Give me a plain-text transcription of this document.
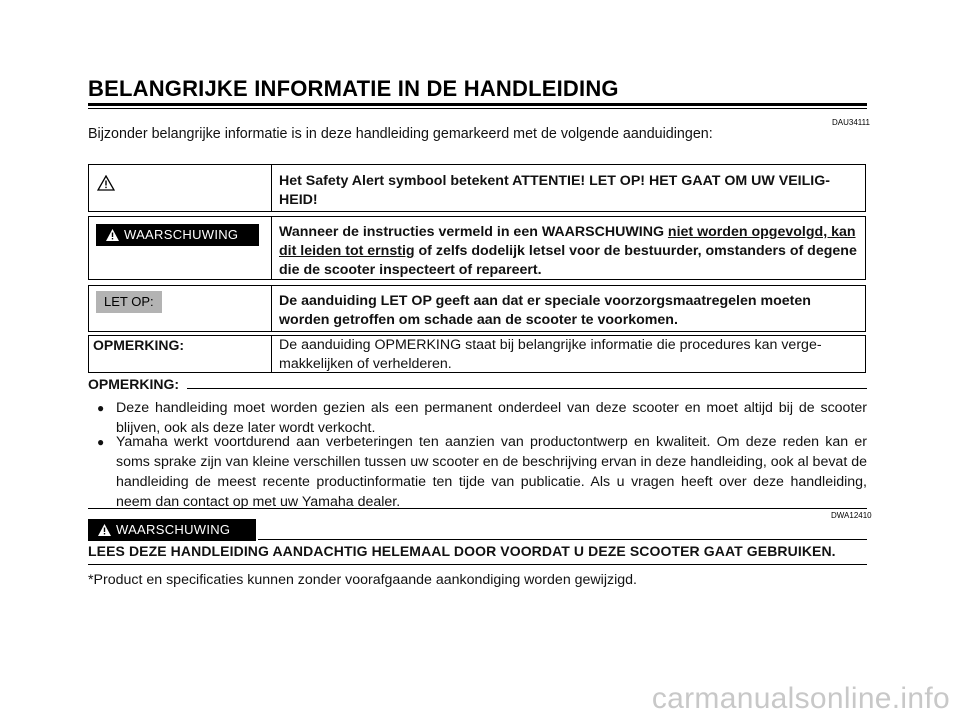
BELANGRIJKE INFORMATIE IN DE HANDLEIDING
DAU34111
Bijzonder belangrijke informatie is in deze handleiding gemarkeerd met de volgende aanduidingen:
Het Safety Alert symbool betekent ATTENTIE! LET OP! HET GAAT OM UW VEILIG-HEID!
WAARSCHUWING	Wanneer de instructies vermeld in een WAARSCHUWING niet worden opgevolgd, kan dit leiden tot ernstig of zelfs dodelijk letsel voor de bestuurder, omstanders of degene die de scooter inspecteert of repareert.
LET OP:	De aanduiding LET OP geeft aan dat er speciale voorzorgsmaatregelen moeten worden getroffen om schade aan de scooter te voorkomen.
OPMERKING:	De aanduiding OPMERKING staat bij belangrijke informatie die procedures kan verge-makkelijken of verhelderen.
OPMERKING:
● Deze handleiding moet worden gezien als een permanent onderdeel van deze scooter en moet altijd bij de scooter blijven, ook als deze later wordt verkocht.
● Yamaha werkt voortdurend aan verbeteringen ten aanzien van productontwerp en kwaliteit. Om deze reden kan er soms sprake zijn van kleine verschillen tussen uw scooter en de beschrijving ervan in deze handleiding, ook al bevat de handleiding de meest recente productinformatie ten tijde van publicatie. Als u vragen heeft over deze handleiding, neem dan contact op met uw Yamaha dealer.
DWA12410
WAARSCHUWING
LEES DEZE HANDLEIDING AANDACHTIG HELEMAAL DOOR VOORDAT U DEZE SCOOTER GAAT GEBRUIKEN.
*Product en specificaties kunnen zonder voorafgaande aankondiging worden gewijzigd.
carmanualsonline.info
